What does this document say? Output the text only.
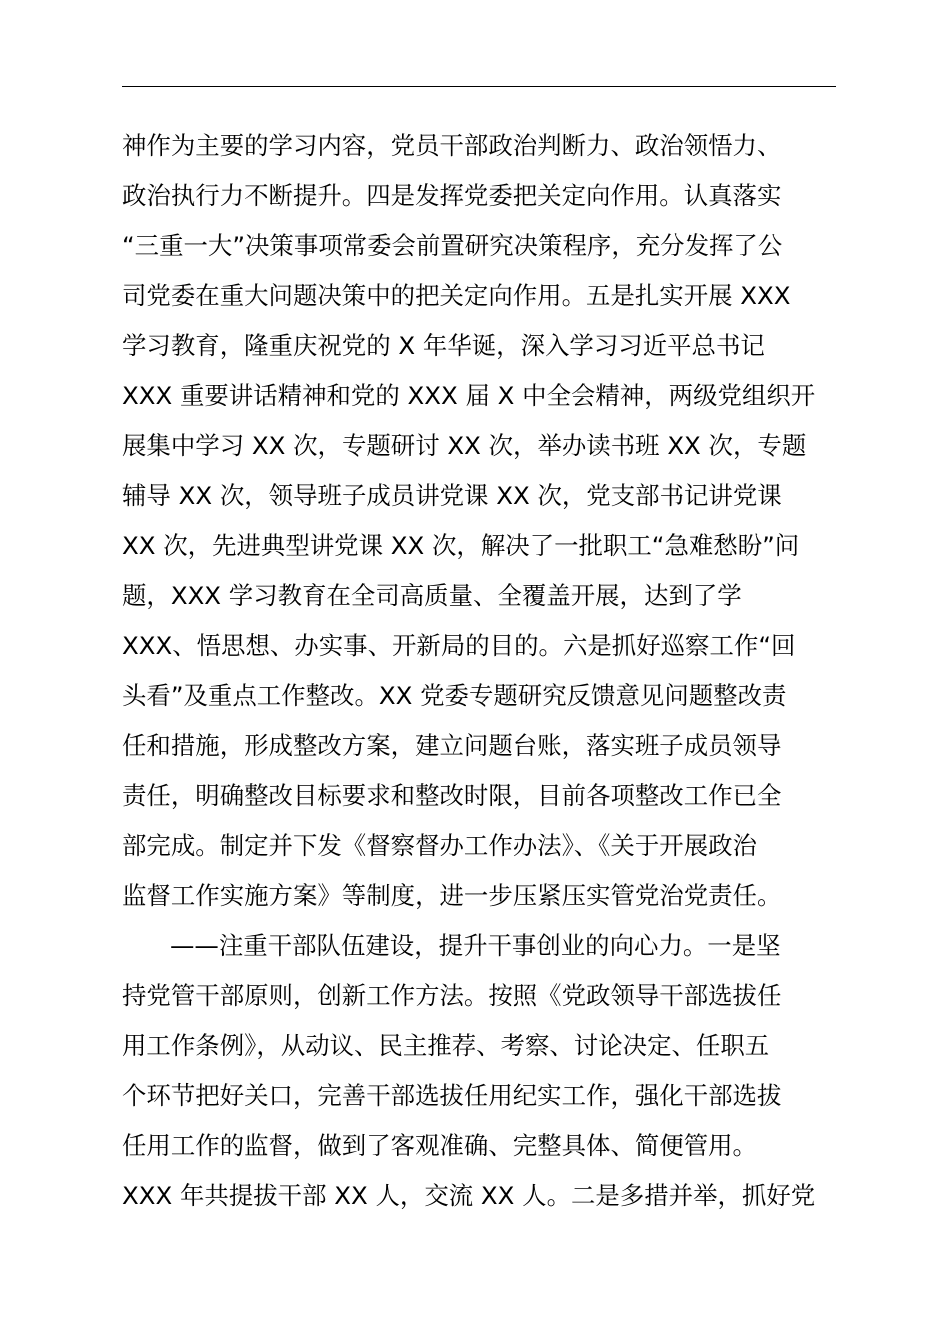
神作为主要的学习内容，党员干部政治判断力、政治领悟力、
政治执行力不断提升。四是发挥党委把关定向作用。认真落实
“三重一大”决策事项常委会前置研究决策程序，充分发挥了公
司党委在重大问题决策中的把关定向作用。五是扎实开展 XXX
学习教育，隆重庆祝党的 X 年华诞，深入学习习近平总书记
XXX 重要讲话精神和党的 XXX 届 X 中全会精神，两级党组织开
展集中学习 XX 次，专题研讨 XX 次，举办读书班 XX 次，专题
辅导 XX 次，领导班子成员讲党课 XX 次，党支部书记讲党课
XX 次，先进典型讲党课 XX 次，解决了一批职工“急难愁盼”问
题，XXX 学习教育在全司高质量、全覆盖开展，达到了学
XXX、悟思想、办实事、开新局的目的。六是抓好巡察工作“回
头看”及重点工作整改。XX 党委专题研究反馈意见问题整改责
任和措施，形成整改方案，建立问题台账，落实班子成员领导
责任，明确整改目标要求和整改时限，目前各项整改工作已全
部完成。制定并下发《督察督办工作办法》、《关于开展政治
监督工作实施方案》等制度，进一步压紧压实管党治党责任。
——注重干部队伍建设，提升干事创业的向心力。一是坚
持党管干部原则，创新工作方法。按照《党政领导干部选拔任
用工作条例》，从动议、民主推荐、考察、讨论决定、任职五
个环节把好关口，完善干部选拔任用纪实工作，强化干部选拔
任用工作的监督，做到了客观准确、完整具体、简便管用。
XXX 年共提拔干部 XX 人，交流 XX 人。二是多措并举，抓好党
